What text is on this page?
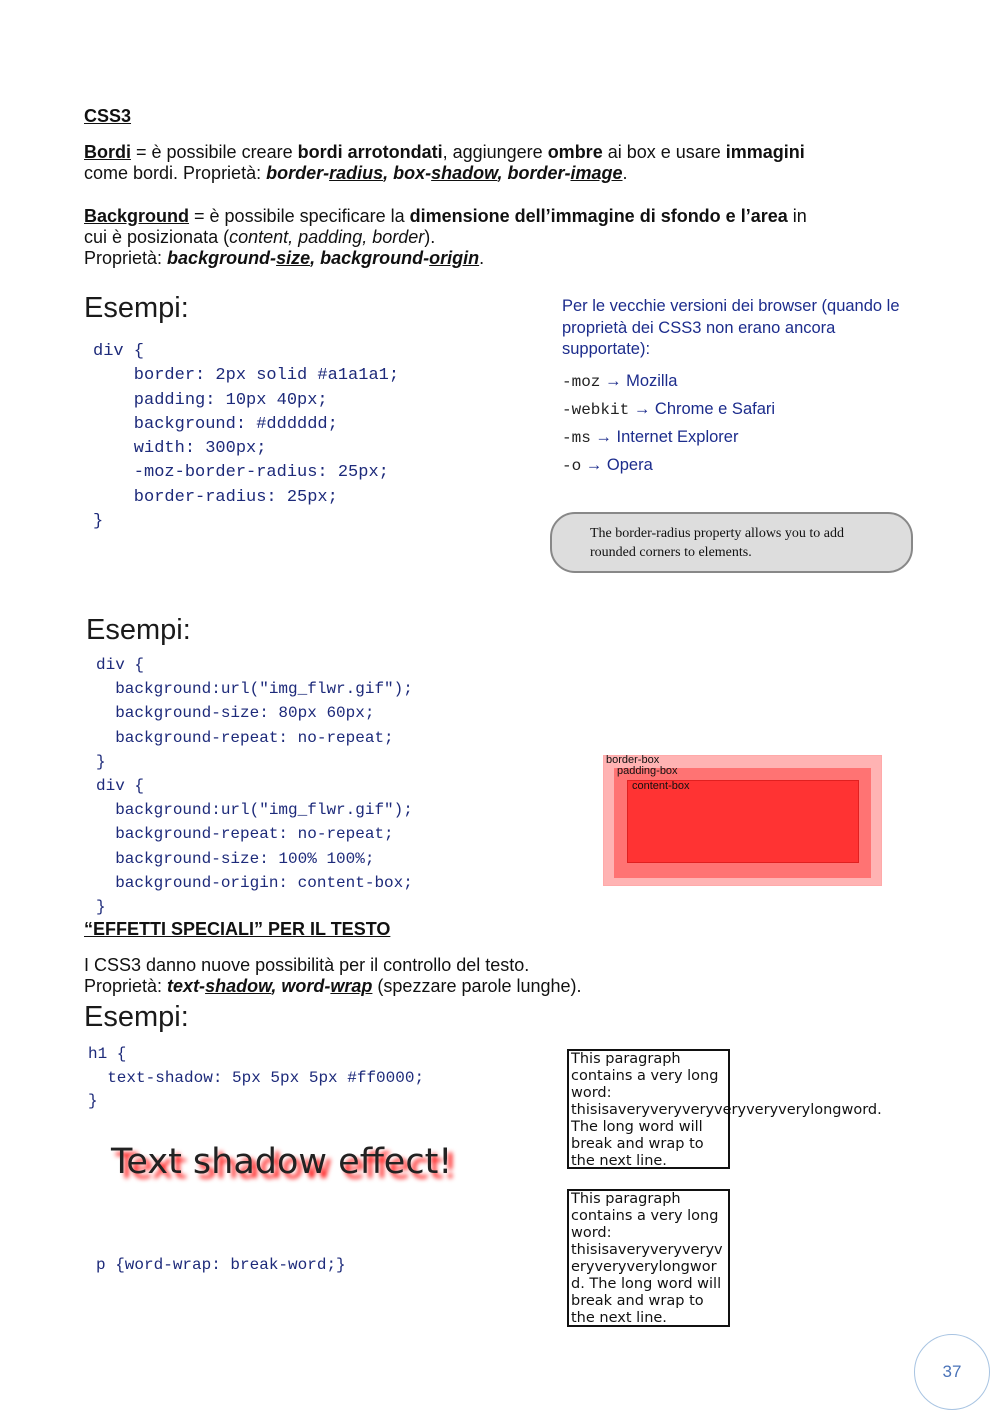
CSS3
Bordi = è possibile creare bordi arrotondati, aggiungere ombre ai box e usare immagini
come bordi. Proprietà: border-radius, box-shadow, border-image.
Background = è possibile specificare la dimensione dell’immagine di sfondo e l’area in
cui è posizionata (content, padding, border).
Proprietà: background-size, background-origin.
Esempi:
div {
border: 2px solid #a1a1a1;
padding: 10px 40px;
background: #dddddd;
width: 300px;
-moz-border-radius: 25px;
border-radius: 25px;
}
Per le vecchie versioni dei browser (quando le proprietà dei CSS3 non erano ancora supportate):
-moz → Mozilla
-webkit → Chrome e Safari
-ms → Internet Explorer
-o → Opera
The border-radius property allows you to add rounded corners to elements.
Esempi:
div {
background:url("img_flwr.gif");
background-size: 80px 60px;
background-repeat: no-repeat;
}
div {
background:url("img_flwr.gif");
background-repeat: no-repeat;
background-size: 100% 100%;
background-origin: content-box;
}
border-box
padding-box
content-box
“EFFETTI SPECIALI” PER IL TESTO
I CSS3 danno nuove possibilità per il controllo del testo.
Proprietà: text-shadow, word-wrap (spezzare parole lunghe).
Esempi:
h1 {
text-shadow: 5px 5px 5px #ff0000;
}
Text shadow effect!
p {word-wrap: break-word;}
This paragraph
contains a very long
word:
thisisaveryveryveryveryveryverylongword.
The long word will
break and wrap to
the next line.
This paragraph
contains a very long
word:
thisisaveryveryveryv
eryveryverylongwor
d. The long word will
break and wrap to
the next line.
37
